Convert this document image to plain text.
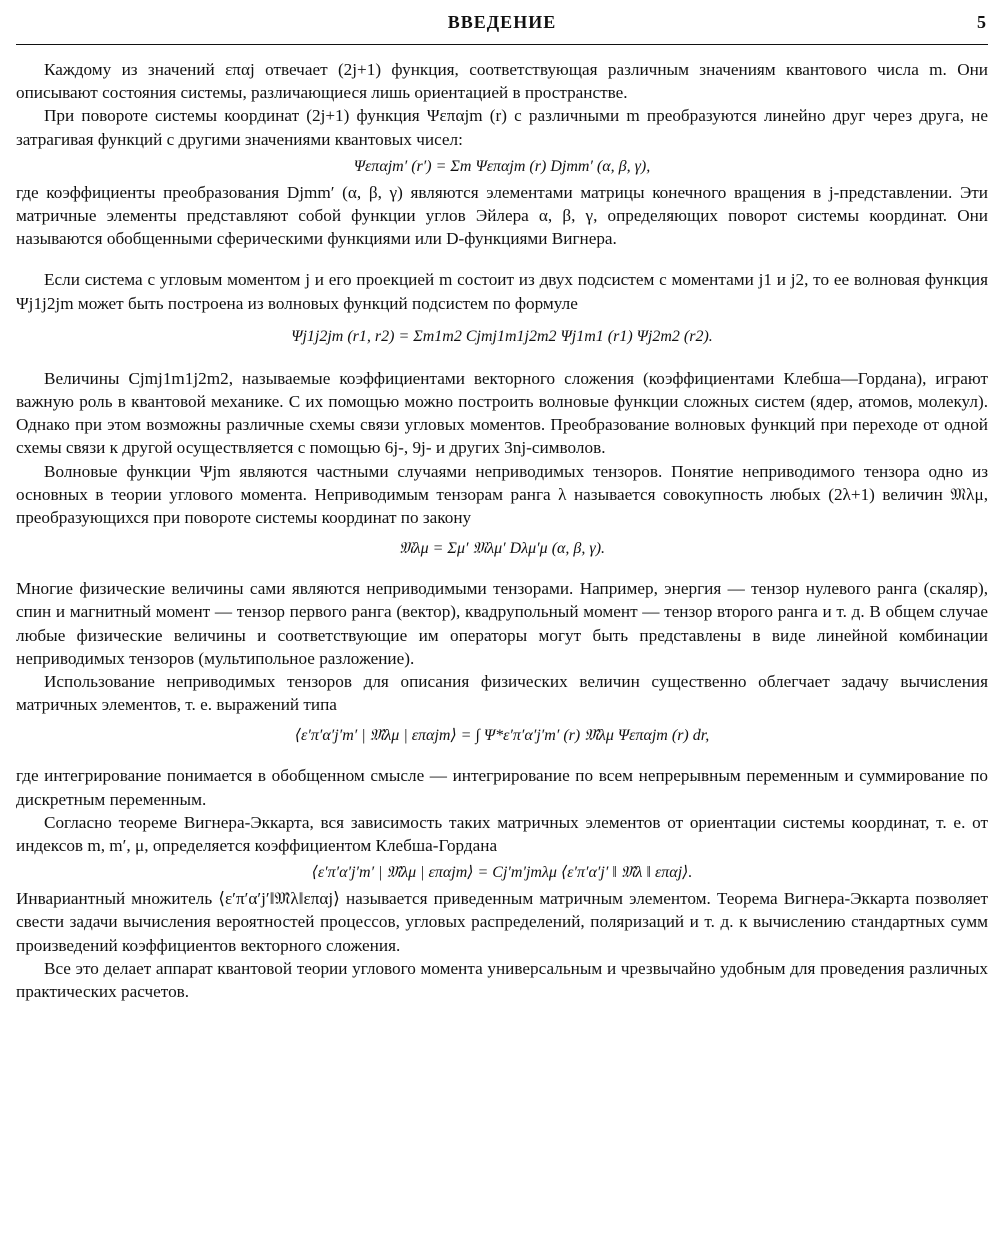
ВВЕДЕНИЕ	5

Каждому из значений επαj отвечает (2j+1) функция, соответствующая различным значениям квантового числа m. Они описывают состояния системы, различающиеся лишь ориентацией в пространстве.

При повороте системы координат (2j+1) функция Ψεπαjm (r) с различными m преобразуются линейно друг через друга, не затрагивая функций с другими значениями квантовых чисел:

Ψεπαjm′ (r′) = Σm Ψεπαjm (r) Djmm′ (α, β, γ),

где коэффициенты преобразования Djmm′ (α, β, γ) являются элементами матрицы конечного вращения в j-представлении. Эти матричные элементы представляют собой функции углов Эйлера α, β, γ, определяющих поворот системы координат. Они называются обобщенными сферическими функциями или D-функциями Вигнера.

Если система с угловым моментом j и его проекцией m состоит из двух подсистем с моментами j1 и j2, то ее волновая функция Ψj1j2jm может быть построена из волновых функций подсистем по формуле

Ψj1j2jm (r1, r2) = Σm1m2 Cjmj1m1j2m2 Ψj1m1 (r1) Ψj2m2 (r2).

Величины Cjmj1m1j2m2, называемые коэффициентами векторного сложения (коэффициентами Клебша—Гордана), играют важную роль в квантовой механике. С их помощью можно построить волновые функции сложных систем (ядер, атомов, молекул). Однако при этом возможны различные схемы связи угловых моментов. Преобразование волновых функций при переходе от одной схемы связи к другой осуществляется с помощью 6j-, 9j- и других 3nj-символов.

Волновые функции Ψjm являются частными случаями неприводимых тензоров. Понятие неприводимого тензора одно из основных в теории углового момента. Неприводимым тензорам ранга λ называется совокупность любых (2λ+1) величин 𝔐λμ, преобразующихся при повороте системы координат по закону

𝔐λμ = Σμ′ 𝔐λμ′ Dλμ′μ (α, β, γ).

Многие физические величины сами являются неприводимыми тензорами. Например, энергия — тензор нулевого ранга (скаляр), спин и магнитный момент — тензор первого ранга (вектор), квадрупольный момент — тензор второго ранга и т. д. В общем случае любые физические величины и соответствующие им операторы могут быть представлены в виде линейной комбинации неприводимых тензоров (мультипольное разложение).

Использование неприводимых тензоров для описания физических величин существенно облегчает задачу вычисления матричных элементов, т. е. выражений типа

⟨ε′π′α′j′m′ | 𝔐̂λμ | επαjm⟩ = ∫ Ψ*ε′π′α′j′m′ (r) 𝔐̂λμ Ψεπαjm (r) dr,

где интегрирование понимается в обобщенном смысле — интегрирование по всем непрерывным переменным и суммирование по дискретным переменным.

Согласно теореме Вигнера-Эккарта, вся зависимость таких матричных элементов от ориентации системы координат, т. е. от индексов m, m′, μ, определяется коэффициентом Клебша-Гордана

⟨ε′π′α′j′m′ | 𝔐̂λμ | επαjm⟩ = Cj′m′jmλμ ⟨ε′π′α′j′ ‖ 𝔐̂λ ‖ επαj⟩.

Инвариантный множитель ⟨ε′π′α′j′‖𝔐̂λ‖επαj⟩ называется приведенным матричным элементом. Теорема Вигнера-Эккарта позволяет свести задачи вычисления вероятностей процессов, угловых распределений, поляризаций и т. д. к вычислению стандартных сумм произведений коэффициентов векторного сложения.

Все это делает аппарат квантовой теории углового момента универсальным и чрезвычайно удобным для проведения различных практических расчетов.
